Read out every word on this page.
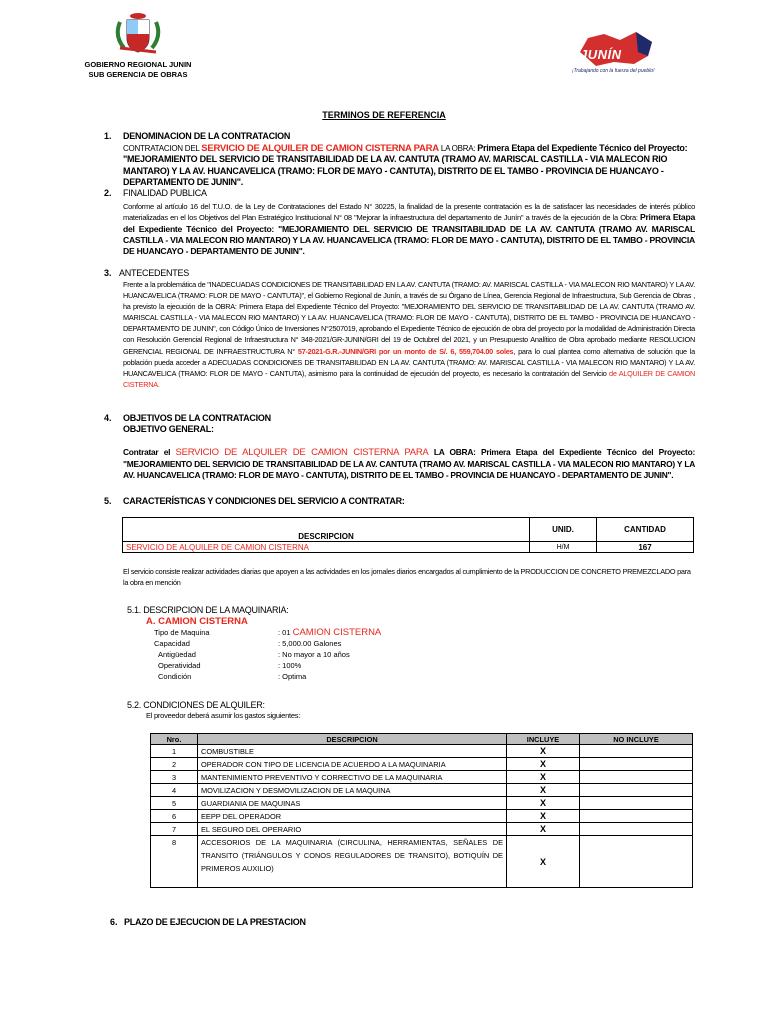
GOBIERNO REGIONAL JUNIN
SUB GERENCIA DE OBRAS
JUNÍN
¡Trabajando con la fuerza del pueblo!
TERMINOS DE REFERENCIA
1. DENOMINACION DE LA CONTRATACION
CONTRATACION DEL SERVICIO DE ALQUILER DE CAMION CISTERNA PARA LA OBRA: Primera Etapa del Expediente Técnico del Proyecto: "MEJORAMIENTO DEL SERVICIO DE TRANSITABILIDAD DE LA AV. CANTUTA (TRAMO AV. MARISCAL CASTILLA - VIA MALECON RIO MANTARO) Y LA AV. HUANCAVELICA (TRAMO: FLOR DE MAYO - CANTUTA), DISTRITO DE EL TAMBO - PROVINCIA DE HUANCAYO - DEPARTAMENTO DE JUNIN".
2. FINALIDAD PUBLICA
Conforme al artículo 16 del T.U.O. de la Ley de Contrataciones del Estado N° 30225, la finalidad de la presente contratación es la de satisfacer las necesidades de interés público materializadas en el los Objetivos del Plan Estratégico Institucional N° 08 "Mejorar la infraestructura del departamento de Junín" a través de la ejecución de la Obra: Primera Etapa del Expediente Técnico del Proyecto: "MEJORAMIENTO DEL SERVICIO DE TRANSITABILIDAD DE LA AV. CANTUTA (TRAMO AV. MARISCAL CASTILLA - VIA MALECON RIO MANTARO) Y LA AV. HUANCAVELICA (TRAMO: FLOR DE MAYO - CANTUTA), DISTRITO DE EL TAMBO - PROVINCIA DE HUANCAYO - DEPARTAMENTO DE JUNIN".
3. ANTECEDENTES
Frente a la problemática de "INADECUADAS CONDICIONES DE TRANSITABILIDAD EN LA AV. CANTUTA (TRAMO: AV. MARISCAL CASTILLA - VIA MALECON RIO MANTARO) Y LA AV. HUANCAVELICA (TRAMO: FLOR DE MAYO - CANTUTA)", el Gobierno Regional de Junín, a través de su Órgano de Línea, Gerencia Regional de Infraestructura, Sub Gerencia de Obras , ha previsto la ejecución de la OBRA: Primera Etapa del Expediente Técnico del Proyecto: "MEJORAMIENTO DEL SERVICIO DE TRANSITABILIDAD DE LA AV. CANTUTA (TRAMO AV. MARISCAL CASTILLA - VIA MALECON RIO MANTARO) Y LA AV. HUANCAVELICA (TRAMO: FLOR DE MAYO - CANTUTA), DISTRITO DE EL TAMBO - PROVINCIA DE HUANCAYO - DEPARTAMENTO DE JUNIN", con Código Único de Inversiones N°2507019, aprobando el Expediente Técnico de ejecución de obra del proyecto por la modalidad de Administración Directa con Resolución Gerencial Regional de Infraestructura N° 348-2021/GR-JUNIN/GRI del 19 de Octubrel del 2021, y un Presupuesto Analítico de Obra aprobado mediante RESOLUCION GERENCIAL REGIONAL DE INFRAESTRUCTURA N° 57-2021-G.R.-JUNIN/GRI por un monto de S/. 6, 559,704.00 soles, para lo cual plantea como alternativa de solución que la población pueda acceder a ADECUADAS CONDICIONES DE TRANSITABILIDAD EN LA AV. CANTUTA (TRAMO: AV. MARISCAL CASTILLA - VIA MALECON RIO MANTARO) Y LA AV. HUANCAVELICA (TRAMO: FLOR DE MAYO - CANTUTA), asimismo para la continuidad de ejecución del proyecto, es necesario la contratación del Servicio de ALQUILER DE CAMION CISTERNA.
4. OBJETIVOS DE LA CONTRATACION
OBJETIVO GENERAL:
Contratar el SERVICIO DE ALQUILER DE CAMION CISTERNA PARA LA OBRA: Primera Etapa del Expediente Técnico del Proyecto: "MEJORAMIENTO DEL SERVICIO DE TRANSITABILIDAD DE LA AV. CANTUTA (TRAMO AV. MARISCAL CASTILLA - VIA MALECON RIO MANTARO) Y LA AV. HUANCAVELICA (TRAMO: FLOR DE MAYO - CANTUTA), DISTRITO DE EL TAMBO - PROVINCIA DE HUANCAYO - DEPARTAMENTO DE JUNIN".
5. CARACTERÍSTICAS Y CONDICIONES DEL SERVICIO A CONTRATAR:
DESCRIPCION	UNID.	CANTIDAD
SERVICIO DE ALQUILER DE CAMION CISTERNA	H/M	167
El servicio consiste realizar actividades diarias que apoyen a las actividades en los jornales diarios encargados al cumplimiento de la PRODUCCION DE CONCRETO PREMEZCLADO para la obra en mención
5.1. DESCRIPCION DE LA MAQUINARIA:
A. CAMION CISTERNA
Tipo de Maquina	: 01 CAMION CISTERNA
Capacidad	: 5,000.00 Galones
Antigüedad	: No mayor a 10 años
Operatividad	: 100%
Condición	: Optima
5.2. CONDICIONES DE ALQUILER:
El proveedor deberá asumir los gastos siguientes:
Nro.	DESCRIPCION	INCLUYE	NO INCLUYE
1	COMBUSTIBLE	X	
2	OPERADOR CON TIPO DE LICENCIA DE ACUERDO A LA MAQUINARIA	X	
3	MANTENIMIENTO PREVENTIVO Y CORRECTIVO DE LA MAQUINARIA	X	
4	MOVILIZACION Y DESMOVILIZACION DE LA MAQUINA	X	
5	GUARDIANIA DE MAQUINAS	X	
6	EEPP DEL OPERADOR	X	
7	EL SEGURO DEL OPERARIO	X	
8	ACCESORIOS DE LA MAQUINARIA (CIRCULINA, HERRAMIENTAS, SEÑALES DE TRANSITO (TRIÁNGULOS Y CONOS REGULADORES DE TRANSITO), BOTIQUÍN DE PRIMEROS AUXILIO)	X	
6. PLAZO DE EJECUCION DE LA PRESTACION
